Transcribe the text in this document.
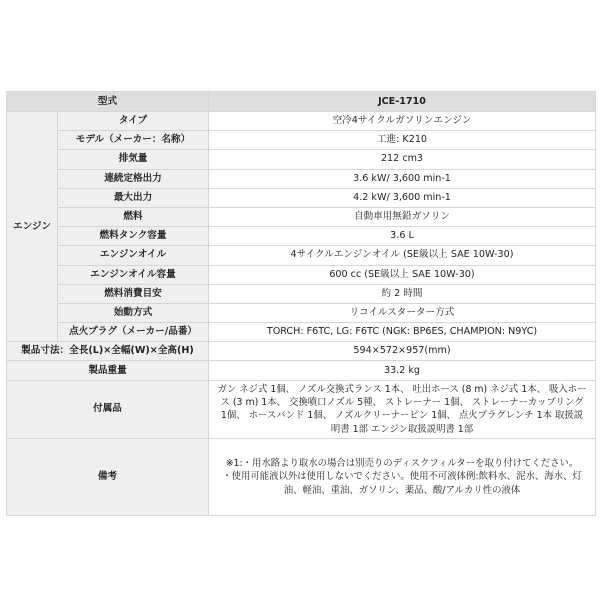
型式		JCE-1710
エンジン	タイプ	空冷4サイクルガソリンエンジン
	モデル（メーカー：名称）	工進: K210
	排気量	212 cm3
	連続定格出力	3.6 kW/ 3,600 min-1
	最大出力	4.2 kW/ 3,600 min-1
	燃料	自動車用無鉛ガソリン
	燃料タンク容量	3.6 L
	エンジンオイル	4サイクルエンジンオイル (SE級以上 SAE 10W-30)
	エンジンオイル容量	600 cc (SE級以上 SAE 10W-30)
	燃料消費目安	約 2 時間
	始動方式	リコイルスターター方式
	点火プラグ（メーカー/品番）	TORCH: F6TC, LG: F6TC (NGK: BP6ES, CHAMPION: N9YC)
製品寸法：全長(L)×全幅(W)×全高(H)		594×572×957(mm)
製品重量		33.2 kg
付属品		ガン ネジ式 1個、 ノズル交換式ランス 1本、 吐出ホース (8 m) ネジ式 1本、 吸入ホース (3 m) 1本、 交換噴口ノズル 5種、 ストレーナー 1個、 ストレーナーカップリング 1個、 ホースバンド 1個、 ノズルクリーナーピン 1個、 点火プラグレンチ 1本 取扱説明書 1部 エンジン取扱説明書 1部
備考		※1:・用水路より取水の場合は別売りのディスクフィルターを取り付けてください。
・使用可能液以外は使用しないでください。使用不可液体例:飲料水、泥水、海水、灯油、軽油、重油、ガソリン、薬品、酸/アルカリ性の液体
